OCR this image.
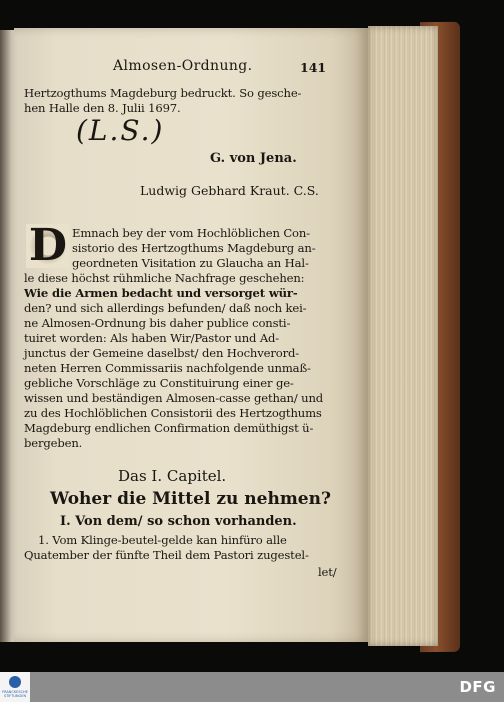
Almosen-Ordnung.	141

Hertzogthums Magdeburg bedruckt. So gesche-

hen Halle den 8. Julii 1697.

(L.S.)

G. von Jena.

Ludwig Gebhard Kraut. C.S.

D Emnach bey der vom Hochlöblichen Con-

sistorio des Hertzogthums Magdeburg an-

geordneten Visitation zu Glaucha an Hal-

le diese höchst rühmliche Nachfrage geschehen:

Wie die Armen bedacht und versorget wür-

den? und sich allerdings befunden/ daß noch kei-

ne Almosen-Ordnung bis daher publice consti-

tuiret worden: Als haben Wir/Pastor und Ad-

junctus der Gemeine daselbst/ den Hochverord-

neten Herren Commissariis nachfolgende unmaß-

gebliche Vorschläge zu Constituirung einer ge-

wissen und beständigen Almosen-casse gethan/ und

zu des Hochlöblichen Consistorii des Hertzogthums

Magdeburg endlichen Confirmation demüthigst ü-

bergeben.

Das I. Capitel.

Woher die Mittel zu nehmen?

I. Von dem/ so schon vorhanden.

1. Vom Klinge-beutel-gelde kan hinfüro alle

Quatember der fünfte Theil dem Pastori zugestel-

let/

FRANCKESCHE STIFTUNGEN	DFG
